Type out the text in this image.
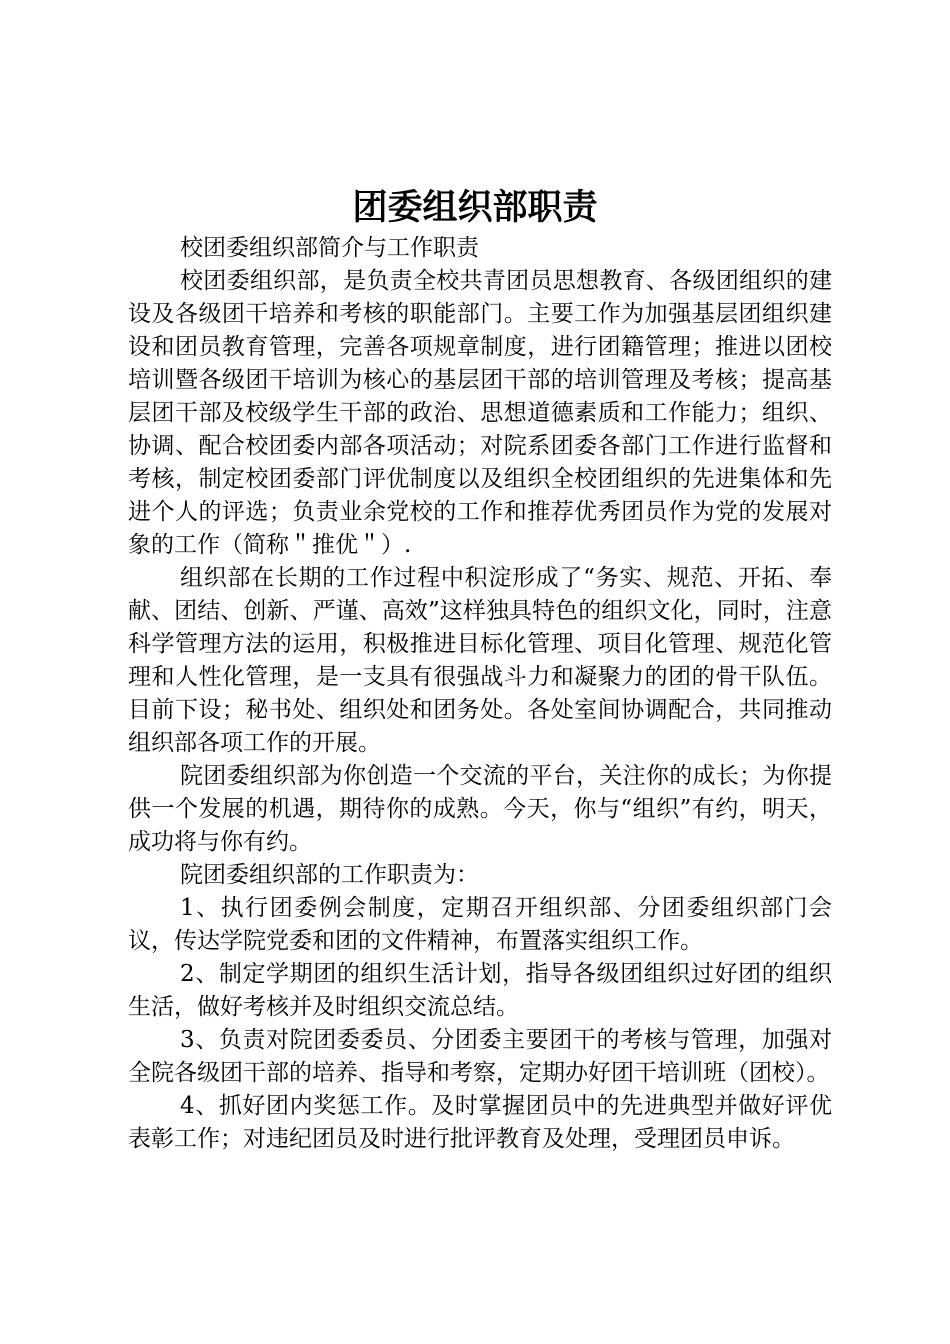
团委组织部职责

校团委组织部简介与工作职责

校团委组织部，是负责全校共青团员思想教育、各级团组织的建设及各级团干培养和考核的职能部门。主要工作为加强基层团组织建设和团员教育管理，完善各项规章制度，进行团籍管理；推进以团校培训暨各级团干培训为核心的基层团干部的培训管理及考核；提高基层团干部及校级学生干部的政治、思想道德素质和工作能力；组织、协调、配合校团委内部各项活动；对院系团委各部门工作进行监督和考核，制定校团委部门评优制度以及组织全校团组织的先进集体和先进个人的评选；负责业余党校的工作和推荐优秀团员作为党的发展对象的工作（简称＂推优＂）.

组织部在长期的工作过程中积淀形成了“务实、规范、开拓、奉献、团结、创新、严谨、高效”这样独具特色的组织文化，同时，注意科学管理方法的运用，积极推进目标化管理、项目化管理、规范化管理和人性化管理，是一支具有很强战斗力和凝聚力的团的骨干队伍。目前下设；秘书处、组织处和团务处。各处室间协调配合，共同推动组织部各项工作的开展。

院团委组织部为你创造一个交流的平台，关注你的成长；为你提供一个发展的机遇，期待你的成熟。今天，你与“组织”有约，明天，成功将与你有约。

院团委组织部的工作职责为：

1、执行团委例会制度，定期召开组织部、分团委组织部门会议，传达学院党委和团的文件精神，布置落实组织工作。

2、制定学期团的组织生活计划，指导各级团组织过好团的组织生活，做好考核并及时组织交流总结。

3、负责对院团委委员、分团委主要团干的考核与管理，加强对全院各级团干部的培养、指导和考察，定期办好团干培训班（团校）。

4、抓好团内奖惩工作。及时掌握团员中的先进典型并做好评优表彰工作；对违纪团员及时进行批评教育及处理，受理团员申诉。
